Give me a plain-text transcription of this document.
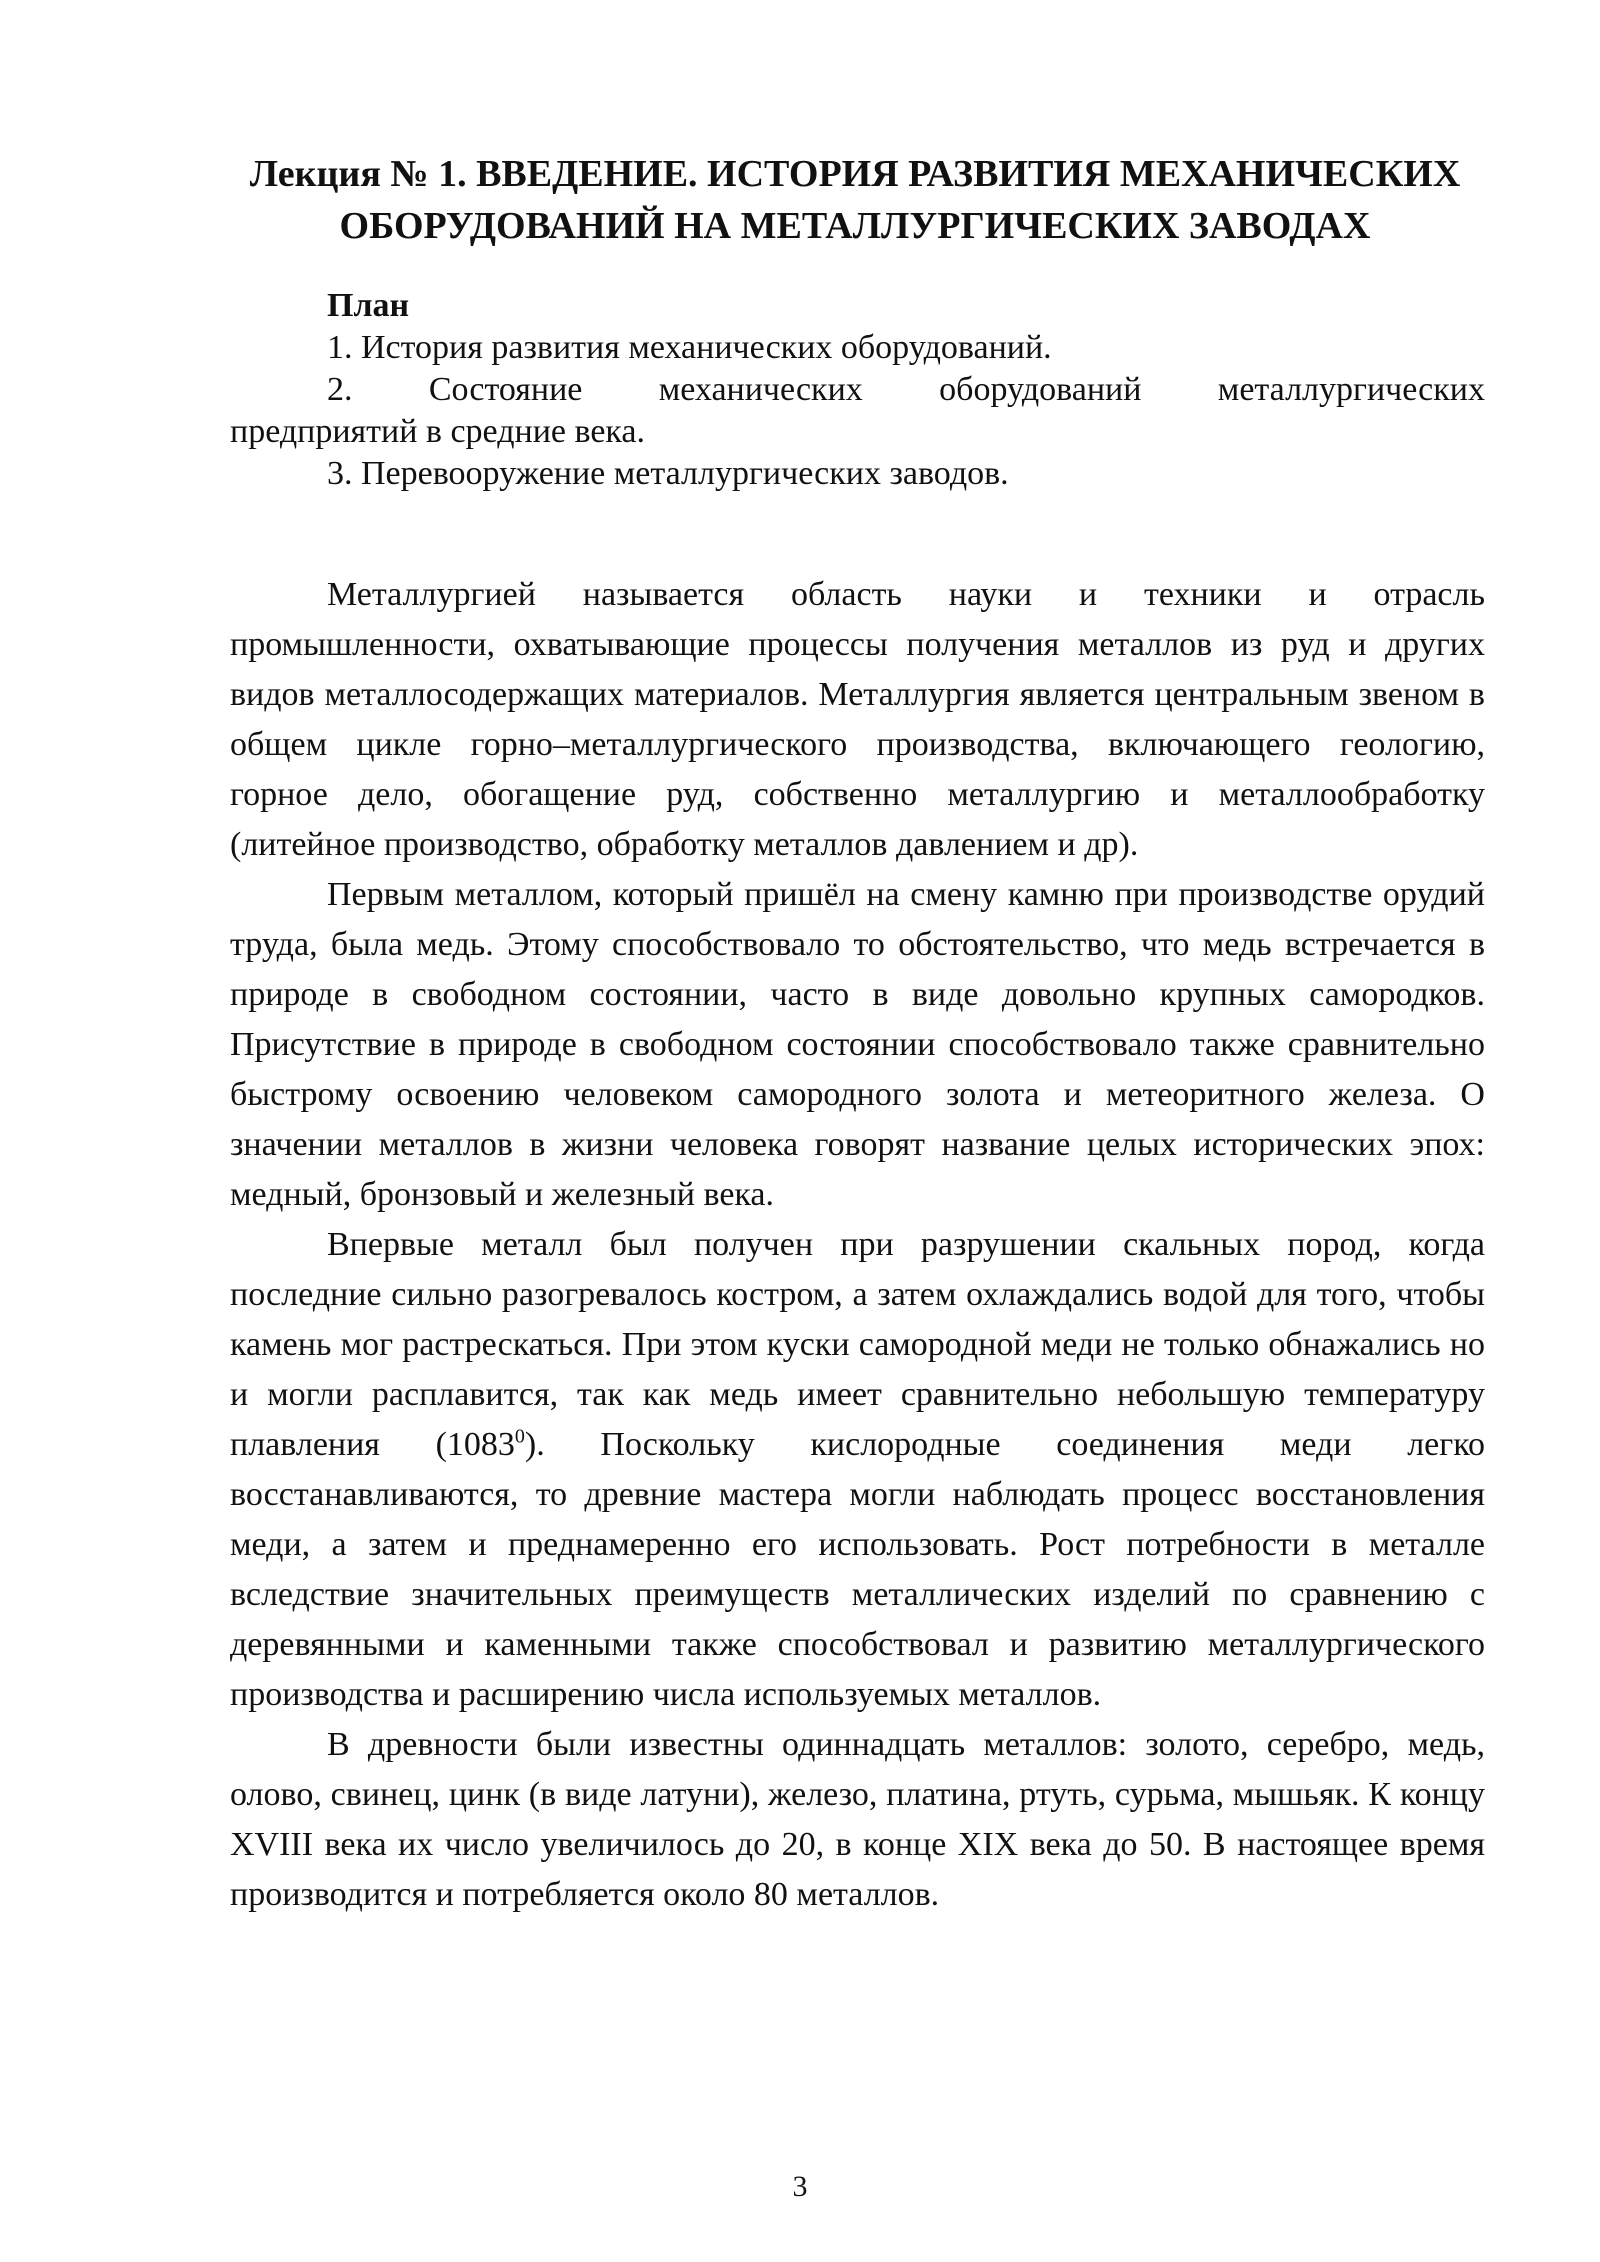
Лекция № 1. ВВЕДЕНИЕ. ИСТОРИЯ РАЗВИТИЯ МЕХАНИЧЕСКИХ
ОБОРУДОВАНИЙ НА МЕТАЛЛУРГИЧЕСКИХ ЗАВОДАХ
План
1. История развития механических оборудований.
2. Состояние механических оборудований металлургических
предприятий в средние века.
3. Перевооружение металлургических заводов.

Металлургией называется область науки и техники и отрасль промышленности, охватывающие процессы получения металлов из руд и других видов металлосодержащих материалов. Металлургия является центральным звеном в общем цикле горно–металлургического производства, включающего геологию, горное дело, обогащение руд, собственно металлургию и металлообработку (литейное производство, обработку металлов давлением и др).

Первым металлом, который пришёл на смену камню при производстве орудий труда, была медь. Этому способствовало то обстоятельство, что медь встречается в природе в свободном состоянии, часто в виде довольно крупных самородков. Присутствие в природе в свободном состоянии способствовало также сравнительно быстрому освоению человеком самородного золота и метеоритного железа. О значении металлов в жизни человека говорят название целых исторических эпох: медный, бронзовый и железный века.

Впервые металл был получен при разрушении скальных пород, когда последние сильно разогревалось костром, а затем охлаждались водой для того, чтобы камень мог растрескаться. При этом куски самородной меди не только обнажались но и могли расплавится, так как медь имеет сравнительно небольшую температуру плавления (1083$^0$). Поскольку кислородные соединения меди легко восстанавливаются, то древние мастера могли наблюдать процесс восстановления меди, а затем и преднамеренно его использовать. Рост потребности в металле вследствие значительных преимуществ металлических изделий по сравнению с деревянными и каменными также способствовал и развитию металлургического производства и расширению числа используемых металлов.

В древности были известны одиннадцать металлов: золото, серебро, медь, олово, свинец, цинк (в виде латуни), железо, платина, ртуть, сурьма, мышьяк. К концу XVIII века их число увеличилось до 20, в конце XIX века до 50. В настоящее время производится и потребляется около 80 металлов.

3
